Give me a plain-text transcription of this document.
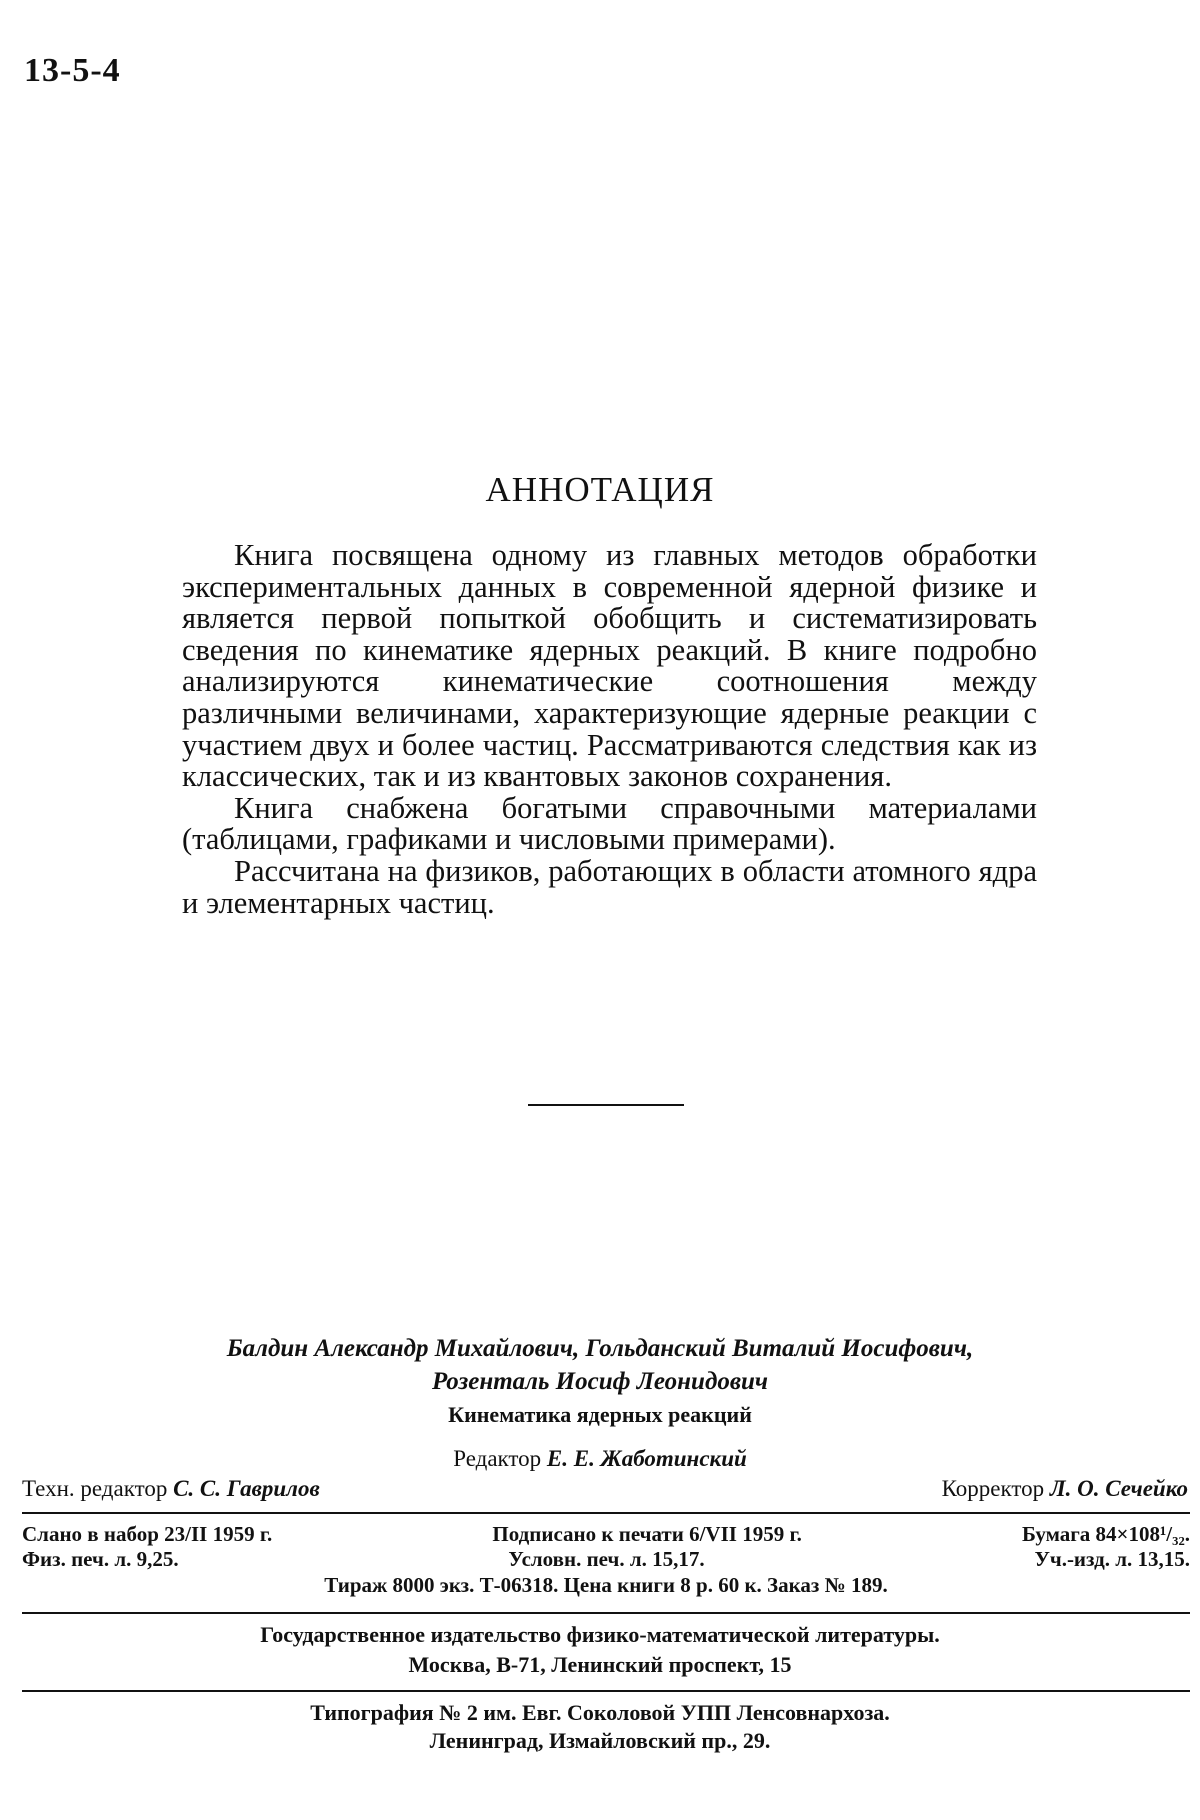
13-5-4
АННОТАЦИЯ

Книга посвящена одному из главных методов обработки экспериментальных данных в современной ядерной физике и является первой попыткой обобщить и систематизировать сведения по кинематике ядерных реакций. В книге подробно анализируются кинематические соотношения между различными величинами, характеризующие ядерные реакции с участием двух и более частиц. Рассматриваются следствия как из классических, так и из квантовых законов сохранения.

Книга снабжена богатыми справочными материалами (таблицами, графиками и числовыми примерами).

Рассчитана на физиков, работающих в области атомного ядра и элементарных частиц.

Балдин Александр Михайлович, Гольданский Виталий Иосифович,
Розенталь Иосиф Леонидович
Кинематика ядерных реакций
Редактор Е. Е. Жаботинский
Техн. редактор С. С. Гаврилов	Корректор Л. О. Сечейко
Слано в набор 23/II 1959 г.	Подписано к печати 6/VII 1959 г.	Бумага 84×108¹/₃₂.
Физ. печ. л. 9,25.	Условн. печ. л. 15,17.	Уч.-изд. л. 13,15.
Тираж 8000 экз. Т-06318. Цена книги 8 р. 60 к. Заказ № 189.
Государственное издательство физико-математической литературы.
Москва, В-71, Ленинский проспект, 15
Типография № 2 им. Евг. Соколовой УПП Ленсовнархоза.
Ленинград, Измайловский пр., 29.
